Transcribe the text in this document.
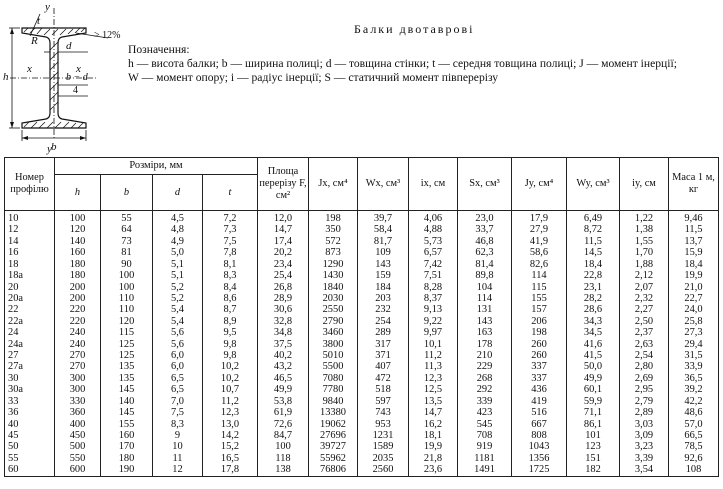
y
y
x	x
h
b
d
R
t
> 12%
b − d
4
Балки двотаврові
Позначення:
h — висота балки; b — ширина полиці; d — товщина стінки; t — середня товщина полиці; J — момент інерції;
W — момент опору; i — радіус інерції; S — статичний момент півперерізу
Номер профілю	Розміри, мм				Площа перерізу F, см²	Jx, см⁴	Wx, см³	ix, см	Sx, см³	Jy, см⁴	Wy, см³	iy, см	Маса 1 м, кг
	h	b	d	t									
10	100	55	4,5	7,2	12,0	198	39,7	4,06	23,0	17,9	6,49	1,22	9,46
12	120	64	4,8	7,3	14,7	350	58,4	4,88	33,7	27,9	8,72	1,38	11,5
14	140	73	4,9	7,5	17,4	572	81,7	5,73	46,8	41,9	11,5	1,55	13,7
16	160	81	5,0	7,8	20,2	873	109	6,57	62,3	58,6	14,5	1,70	15,9
18	180	90	5,1	8,1	23,4	1290	143	7,42	81,4	82,6	18,4	1,88	18,4
18a	180	100	5,1	8,3	25,4	1430	159	7,51	89,8	114	22,8	2,12	19,9
20	200	100	5,2	8,4	26,8	1840	184	8,28	104	115	23,1	2,07	21,0
20a	200	110	5,2	8,6	28,9	2030	203	8,37	114	155	28,2	2,32	22,7
22	220	110	5,4	8,7	30,6	2550	232	9,13	131	157	28,6	2,27	24,0
22a	220	120	5,4	8,9	32,8	2790	254	9,22	143	206	34,3	2,50	25,8
24	240	115	5,6	9,5	34,8	3460	289	9,97	163	198	34,5	2,37	27,3
24a	240	125	5,6	9,8	37,5	3800	317	10,1	178	260	41,6	2,63	29,4
27	270	125	6,0	9,8	40,2	5010	371	11,2	210	260	41,5	2,54	31,5
27a	270	135	6,0	10,2	43,2	5500	407	11,3	229	337	50,0	2,80	33,9
30	300	135	6,5	10,2	46,5	7080	472	12,3	268	337	49,9	2,69	36,5
30a	300	145	6,5	10,7	49,9	7780	518	12,5	292	436	60,1	2,95	39,2
33	330	140	7,0	11,2	53,8	9840	597	13,5	339	419	59,9	2,79	42,2
36	360	145	7,5	12,3	61,9	13380	743	14,7	423	516	71,1	2,89	48,6
40	400	155	8,3	13,0	72,6	19062	953	16,2	545	667	86,1	3,03	57,0
45	450	160	9	14,2	84,7	27696	1231	18,1	708	808	101	3,09	66,5
50	500	170	10	15,2	100	39727	1589	19,9	919	1043	123	3,23	78,5
55	550	180	11	16,5	118	55962	2035	21,8	1181	1356	151	3,39	92,6
60	600	190	12	17,8	138	76806	2560	23,6	1491	1725	182	3,54	108
